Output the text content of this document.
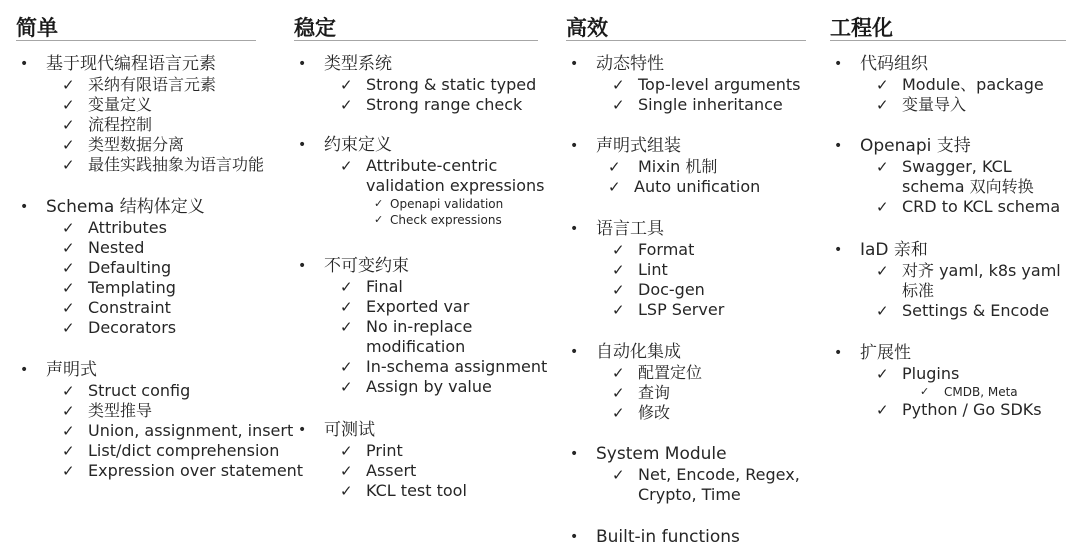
简单
• 基于现代编程语言元素
✓ 采纳有限语言元素
✓ 变量定义
✓ 流程控制
✓ 类型数据分离
✓ 最佳实践抽象为语言功能
• Schema 结构体定义
✓ Attributes
✓ Nested
✓ Defaulting
✓ Templating
✓ Constraint
✓ Decorators
• 声明式
✓ Struct config
✓ 类型推导
✓ Union, assignment, insert
✓ List/dict comprehension
✓ Expression over statement
稳定
• 类型系统
✓ Strong & static typed
✓ Strong range check
• 约束定义
✓ Attribute-centric validation expressions
✓ Openapi validation
✓ Check expressions
• 不可变约束
✓ Final
✓ Exported var
✓ No in-replace modification
✓ In-schema assignment
✓ Assign by value
• 可测试
✓ Print
✓ Assert
✓ KCL test tool
高效
• 动态特性
✓ Top-level arguments
✓ Single inheritance
• 声明式组装
✓ Mixin 机制
✓ Auto unification
• 语言工具
✓ Format
✓ Lint
✓ Doc-gen
✓ LSP Server
• 自动化集成
✓ 配置定位
✓ 查询
✓ 修改
• System Module
✓ Net, Encode, Regex, Crypto, Time
• Built-in functions
工程化
• 代码组织
✓ Module、package
✓ 变量导入
• Openapi 支持
✓ Swagger, KCL schema 双向转换
✓ CRD to KCL schema
• IaD 亲和
✓ 对齐 yaml, k8s yaml 标准
✓ Settings & Encode
• 扩展性
✓ Plugins
✓ CMDB, Meta
✓ Python / Go SDKs
